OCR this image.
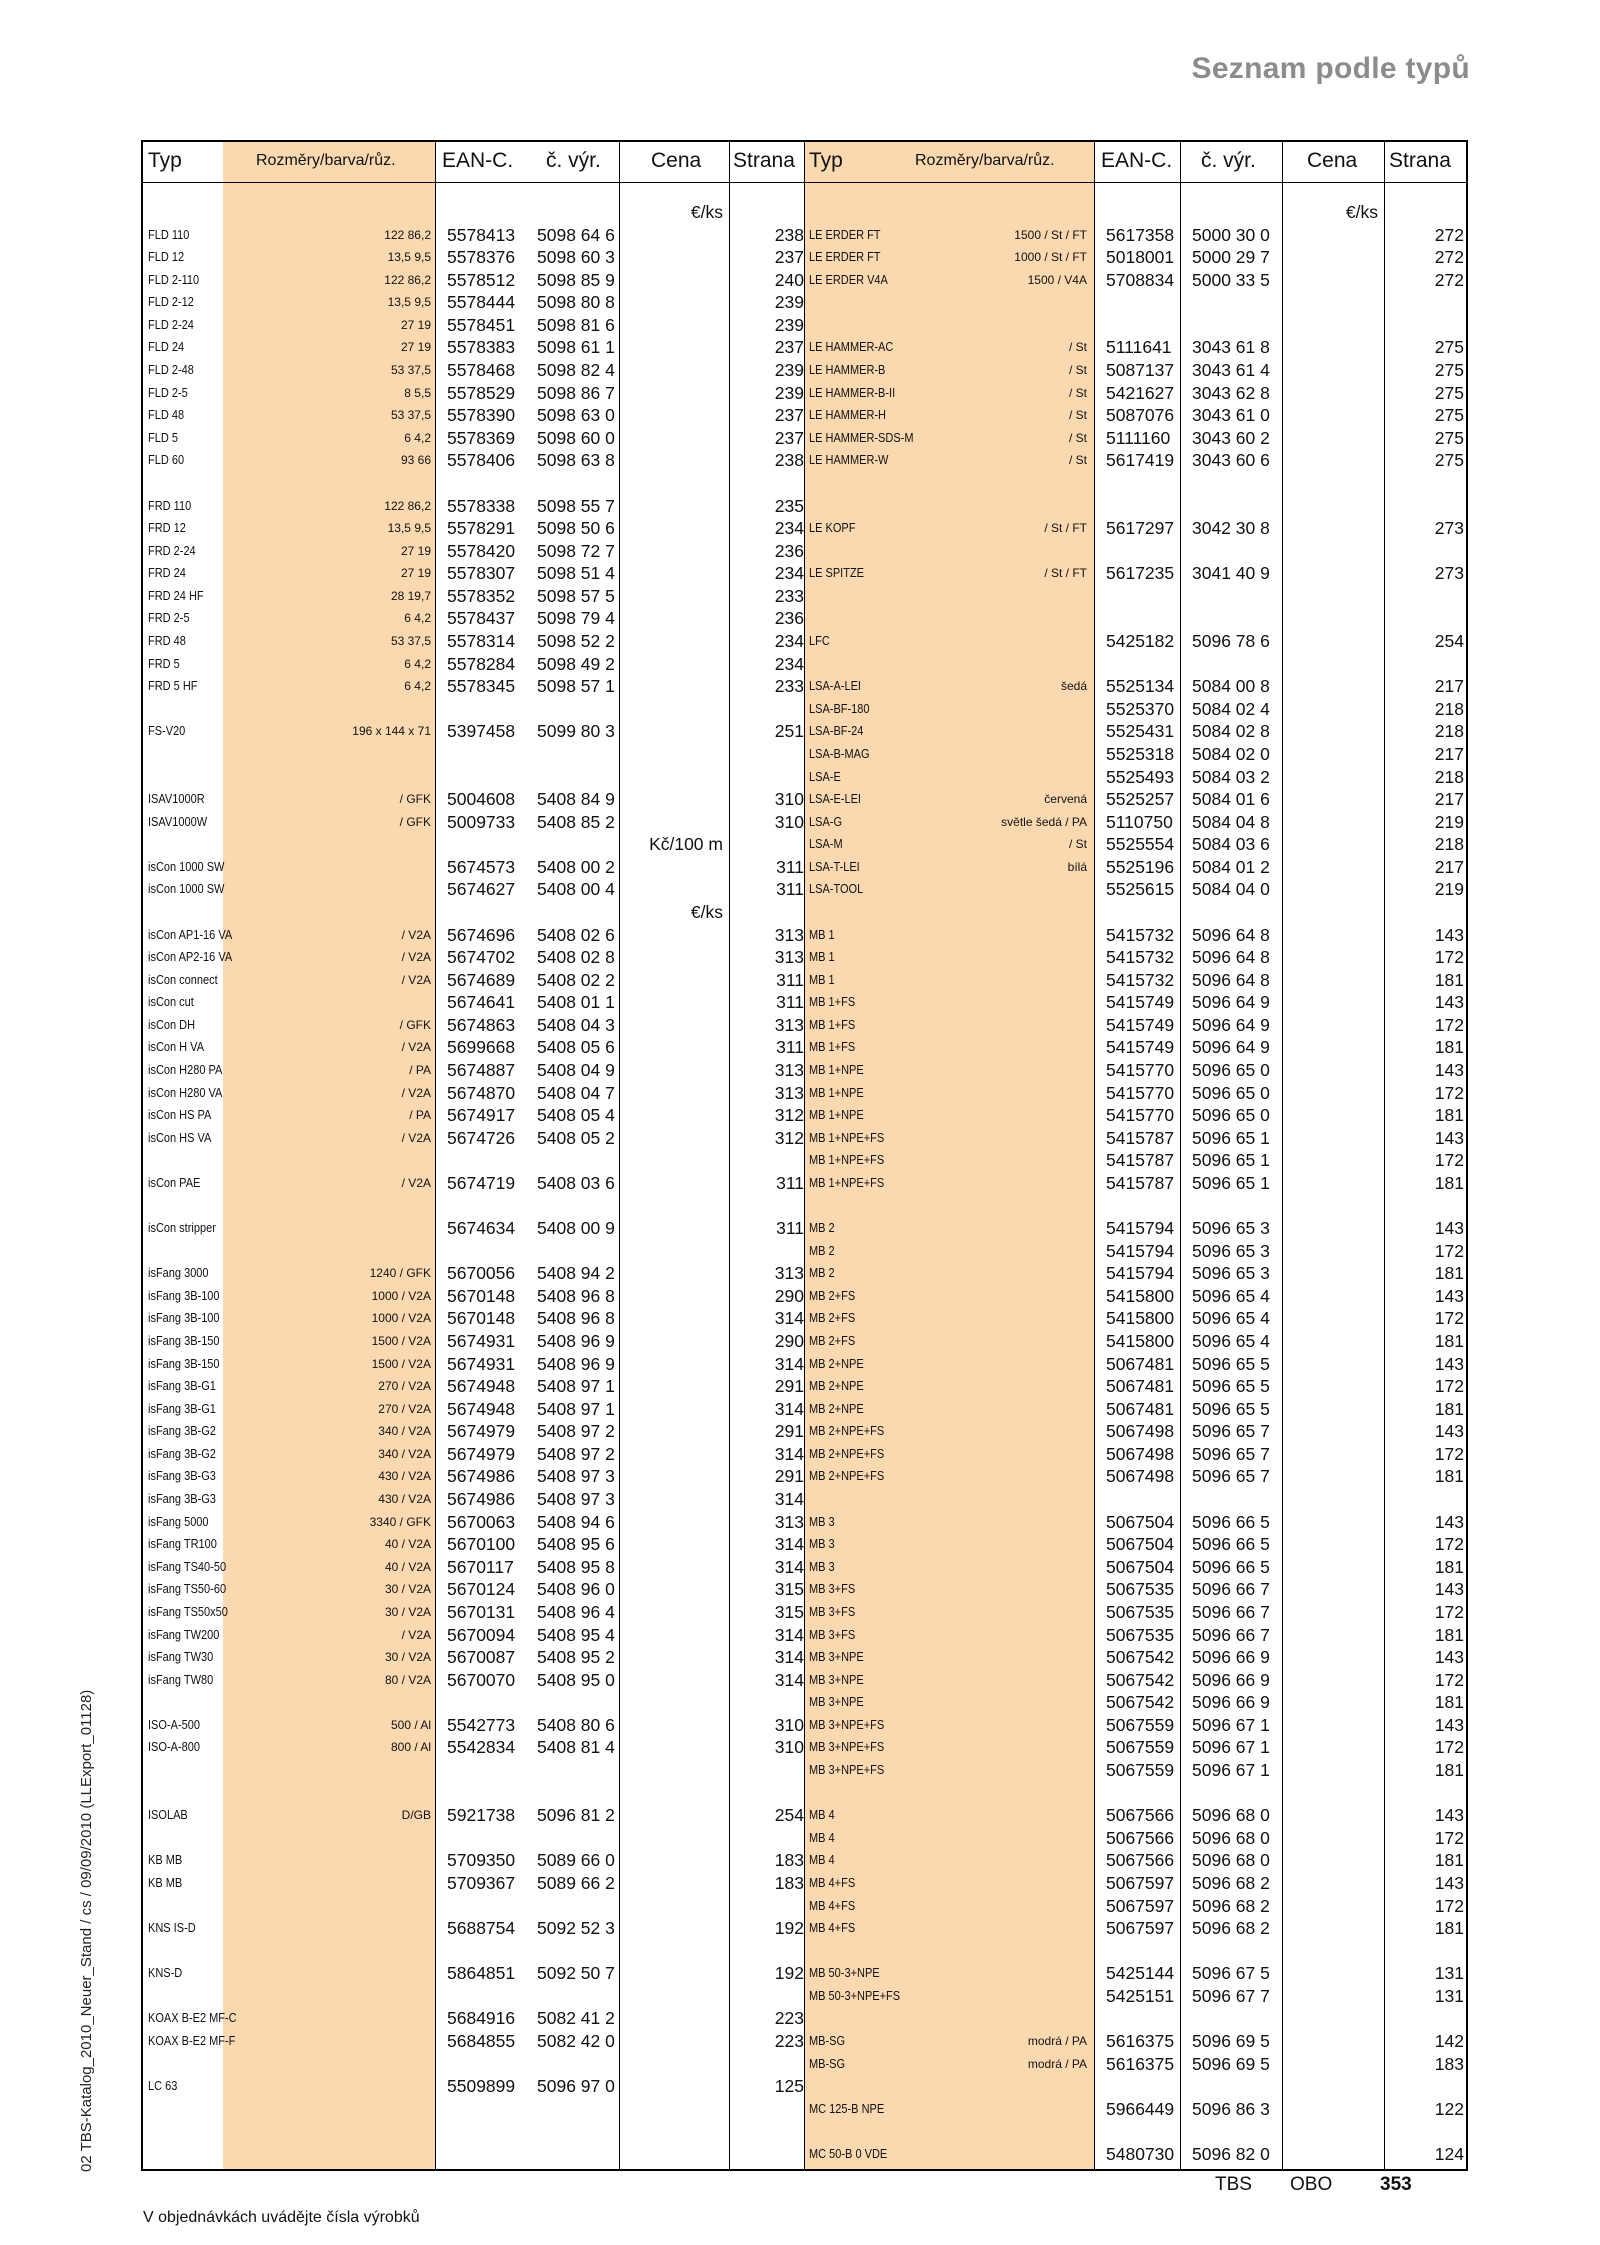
Seznam podle typů
02 TBS-Katalog_2010_Neuer_Stand / cs / 09/09/2010 (LLExport_01128)
Typ	Rozměry/barva/růz. EAN-C. č. výr. Cena Strana
€/ks
FLD 110	122 86,2 5578413 5098 64 6	238
FLD 12	13,5 9,5 5578376 5098 60 3	237
FLD 2-110	122 86,2 5578512 5098 85 9	240
FLD 2-12	13,5 9,5 5578444 5098 80 8	239
FLD 2-24	27 19 5578451 5098 81 6	239
FLD 24	27 19 5578383 5098 61 1	237
FLD 2-48	53 37,5 5578468 5098 82 4	239
FLD 2-5	8 5,5 5578529 5098 86 7	239
FLD 48	53 37,5 5578390 5098 63 0	237
FLD 5	6 4,2 5578369 5098 60 0	237
FLD 60	93 66 5578406 5098 63 8	238
FRD 110	122 86,2 5578338 5098 55 7	235
FRD 12	13,5 9,5 5578291 5098 50 6	234
FRD 2-24	27 19 5578420 5098 72 7	236
FRD 24	27 19 5578307 5098 51 4	234
FRD 24 HF	28 19,7 5578352 5098 57 5	233
FRD 2-5	6 4,2 5578437 5098 79 4	236
FRD 48	53 37,5 5578314 5098 52 2	234
FRD 5	6 4,2 5578284 5098 49 2	234
FRD 5 HF	6 4,2 5578345 5098 57 1	233
FS-V20	196 x 144 x 71 5397458 5099 80 3	251
ISAV1000R	/ GFK 5004608 5408 84 9	310
ISAV1000W	/ GFK 5009733 5408 85 2	310
Kč/100 m
isCon 1000 SW	5674573 5408 00 2	311
isCon 1000 SW	5674627 5408 00 4	311
€/ks
isCon AP1-16 VA	/ V2A 5674696 5408 02 6	313
isCon AP2-16 VA	/ V2A 5674702 5408 02 8	313
isCon connect	/ V2A 5674689 5408 02 2	311
isCon cut	5674641 5408 01 1	311
isCon DH	/ GFK 5674863 5408 04 3	313
isCon H VA	/ V2A 5699668 5408 05 6	311
isCon H280 PA	/ PA 5674887 5408 04 9	313
isCon H280 VA	/ V2A 5674870 5408 04 7	313
isCon HS PA	/ PA 5674917 5408 05 4	312
isCon HS VA	/ V2A 5674726 5408 05 2	312
isCon PAE	/ V2A 5674719 5408 03 6	311
isCon stripper	5674634 5408 00 9	311
isFang 3000	1240 / GFK 5670056 5408 94 2	313
isFang 3B-100	1000 / V2A 5670148 5408 96 8	290
isFang 3B-100	1000 / V2A 5670148 5408 96 8	314
isFang 3B-150	1500 / V2A 5674931 5408 96 9	290
isFang 3B-150	1500 / V2A 5674931 5408 96 9	314
isFang 3B-G1	270 / V2A 5674948 5408 97 1	291
isFang 3B-G1	270 / V2A 5674948 5408 97 1	314
isFang 3B-G2	340 / V2A 5674979 5408 97 2	291
isFang 3B-G2	340 / V2A 5674979 5408 97 2	314
isFang 3B-G3	430 / V2A 5674986 5408 97 3	291
isFang 3B-G3	430 / V2A 5674986 5408 97 3	314
isFang 5000	3340 / GFK 5670063 5408 94 6	313
isFang TR100	40 / V2A 5670100 5408 95 6	314
isFang TS40-50	40 / V2A 5670117 5408 95 8	314
isFang TS50-60	30 / V2A 5670124 5408 96 0	315
isFang TS50x50	30 / V2A 5670131 5408 96 4	315
isFang TW200	/ V2A 5670094 5408 95 4	314
isFang TW30	30 / V2A 5670087 5408 95 2	314
isFang TW80	80 / V2A 5670070 5408 95 0	314
ISO-A-500	500 / Al 5542773 5408 80 6	310
ISO-A-800	800 / Al 5542834 5408 81 4	310
ISOLAB	D/GB 5921738 5096 81 2	254
KB MB	5709350 5089 66 0	183
KB MB	5709367 5089 66 2	183
KNS IS-D	5688754 5092 52 3	192
KNS-D	5864851 5092 50 7	192
KOAX B-E2 MF-C	5684916 5082 41 2	223
KOAX B-E2 MF-F	5684855 5082 42 0	223
LC 63	5509899 5096 97 0	125
Typ	Rozměry/barva/růz. EAN-C. č. výr. Cena Strana
€/ks
LE ERDER FT	1500 / St / FT 5617358 5000 30 0	272
LE ERDER FT	1000 / St / FT 5018001 5000 29 7	272
LE ERDER V4A	1500 / V4A 5708834 5000 33 5	272
LE HAMMER-AC	/ St 5111641 3043 61 8	275
LE HAMMER-B	/ St 5087137 3043 61 4	275
LE HAMMER-B-II	/ St 5421627 3043 62 8	275
LE HAMMER-H	/ St 5087076 3043 61 0	275
LE HAMMER-SDS-M	/ St 5111160 3043 60 2	275
LE HAMMER-W	/ St 5617419 3043 60 6	275
LE KOPF	/ St / FT 5617297 3042 30 8	273
LE SPITZE	/ St / FT 5617235 3041 40 9	273
LFC	5425182 5096 78 6	254
LSA-A-LEI	šedá 5525134 5084 00 8	217
LSA-BF-180	5525370 5084 02 4	218
LSA-BF-24	5525431 5084 02 8	218
LSA-B-MAG	5525318 5084 02 0	217
LSA-E	5525493 5084 03 2	218
LSA-E-LEI	červená 5525257 5084 01 6	217
LSA-G	světle šedá / PA 5110750 5084 04 8	219
LSA-M	/ St 5525554 5084 03 6	218
LSA-T-LEI	bílá 5525196 5084 01 2	217
LSA-TOOL	5525615 5084 04 0	219
MB 1	5415732 5096 64 8	143
MB 1	5415732 5096 64 8	172
MB 1	5415732 5096 64 8	181
MB 1+FS	5415749 5096 64 9	143
MB 1+FS	5415749 5096 64 9	172
MB 1+FS	5415749 5096 64 9	181
MB 1+NPE	5415770 5096 65 0	143
MB 1+NPE	5415770 5096 65 0	172
MB 1+NPE	5415770 5096 65 0	181
MB 1+NPE+FS	5415787 5096 65 1	143
MB 1+NPE+FS	5415787 5096 65 1	172
MB 1+NPE+FS	5415787 5096 65 1	181
MB 2	5415794 5096 65 3	143
MB 2	5415794 5096 65 3	172
MB 2	5415794 5096 65 3	181
MB 2+FS	5415800 5096 65 4	143
MB 2+FS	5415800 5096 65 4	172
MB 2+FS	5415800 5096 65 4	181
MB 2+NPE	5067481 5096 65 5	143
MB 2+NPE	5067481 5096 65 5	172
MB 2+NPE	5067481 5096 65 5	181
MB 2+NPE+FS	5067498 5096 65 7	143
MB 2+NPE+FS	5067498 5096 65 7	172
MB 2+NPE+FS	5067498 5096 65 7	181
MB 3	5067504 5096 66 5	143
MB 3	5067504 5096 66 5	172
MB 3	5067504 5096 66 5	181
MB 3+FS	5067535 5096 66 7	143
MB 3+FS	5067535 5096 66 7	172
MB 3+FS	5067535 5096 66 7	181
MB 3+NPE	5067542 5096 66 9	143
MB 3+NPE	5067542 5096 66 9	172
MB 3+NPE	5067542 5096 66 9	181
MB 3+NPE+FS	5067559 5096 67 1	143
MB 3+NPE+FS	5067559 5096 67 1	172
MB 3+NPE+FS	5067559 5096 67 1	181
MB 4	5067566 5096 68 0	143
MB 4	5067566 5096 68 0	172
MB 4	5067566 5096 68 0	181
MB 4+FS	5067597 5096 68 2	143
MB 4+FS	5067597 5096 68 2	172
MB 4+FS	5067597 5096 68 2	181
MB 50-3+NPE	5425144 5096 67 5	131
MB 50-3+NPE+FS	5425151 5096 67 7	131
MB-SG	modrá / PA 5616375 5096 69 5	142
MB-SG	modrá / PA 5616375 5096 69 5	183
MC 125-B NPE	5966449 5096 86 3	122
MC 50-B 0 VDE	5480730 5096 82 0	124
V objednávkách uvádějte čísla výrobků
TBS OBO	353
